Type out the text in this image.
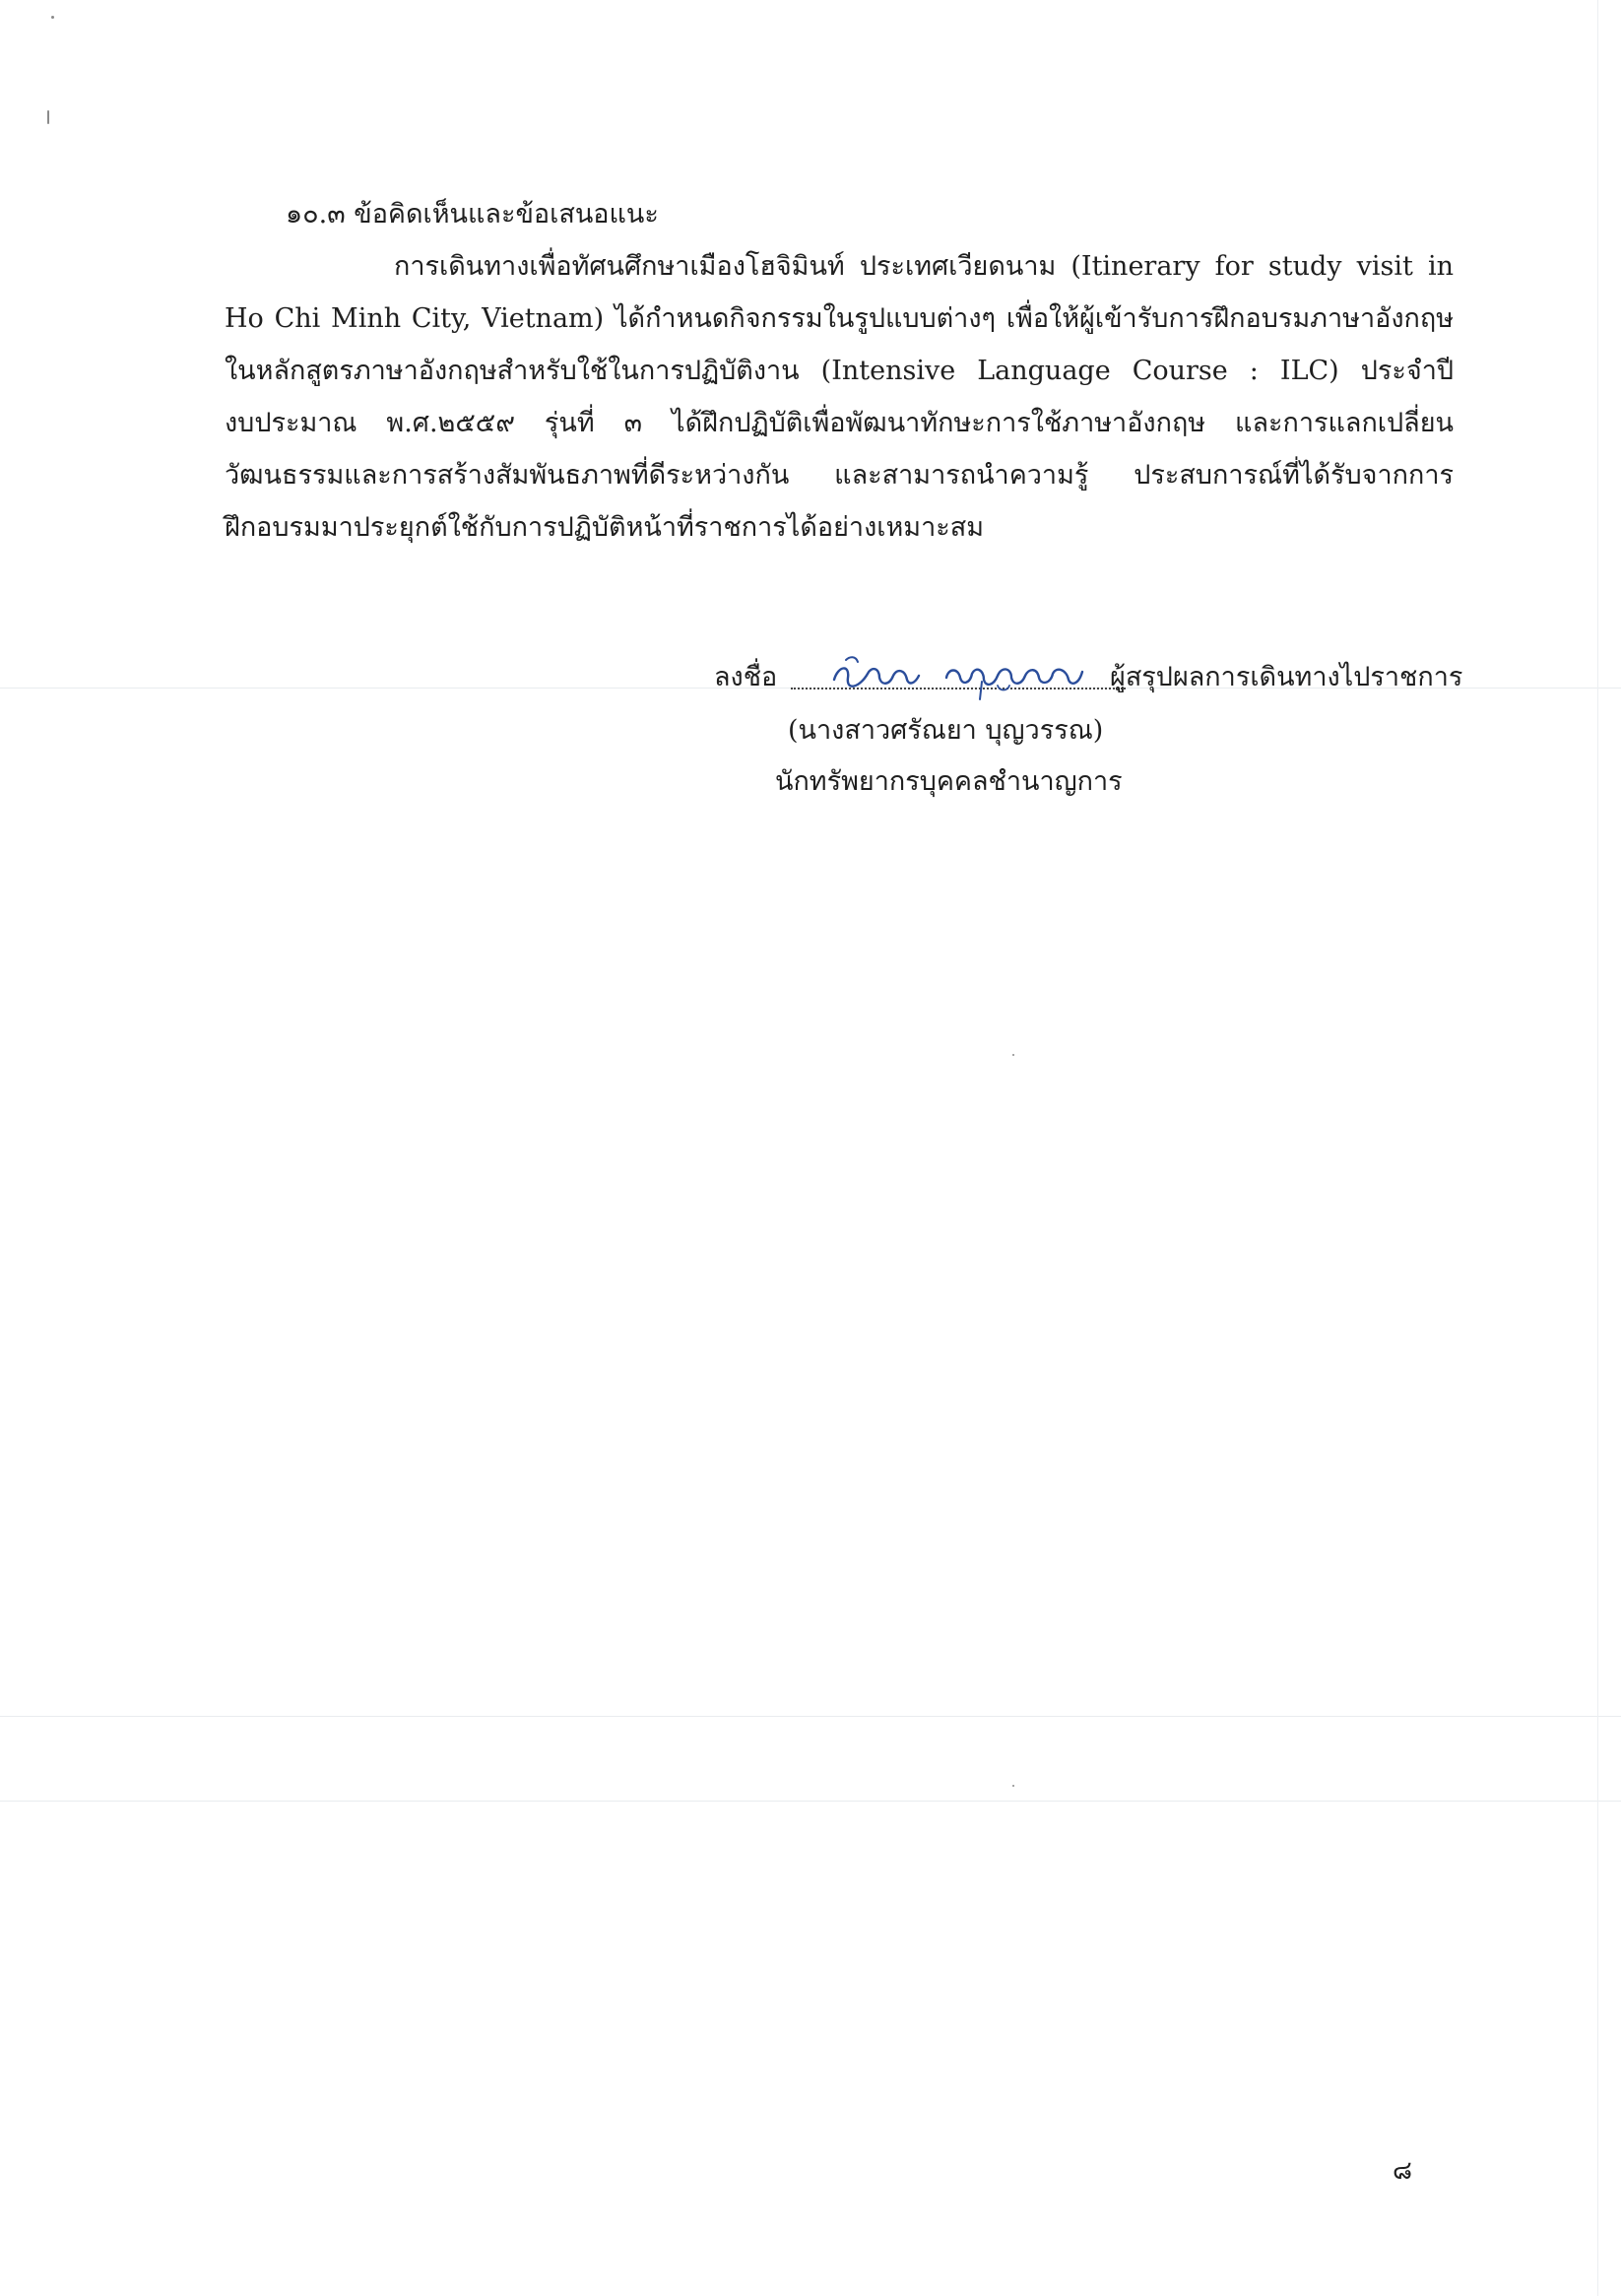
๑๐.๓ ข้อคิดเห็นและข้อเสนอแนะ
การเดินทางเพื่อทัศนศึกษาเมืองโฮจิมินท์ ประเทศเวียดนาม (Itinerary for study visit in
Ho Chi Minh City, Vietnam) ได้กำหนดกิจกรรมในรูปแบบต่างๆ เพื่อให้ผู้เข้ารับการฝึกอบรมภาษาอังกฤษ
ในหลักสูตรภาษาอังกฤษสำหรับใช้ในการปฏิบัติงาน (Intensive Language Course : ILC) ประจำปี
งบประมาณ พ.ศ.๒๕๕๙ รุ่นที่ ๓ ได้ฝึกปฏิบัติเพื่อพัฒนาทักษะการใช้ภาษาอังกฤษ และการแลกเปลี่ยน
วัฒนธรรมและการสร้างสัมพันธภาพที่ดีระหว่างกัน และสามารถนำความรู้ ประสบการณ์ที่ได้รับจากการ
ฝึกอบรมมาประยุกต์ใช้กับการปฏิบัติหน้าที่ราชการได้อย่างเหมาะสม
ลงชื่อ	ผู้สรุปผลการเดินทางไปราชการ
(นางสาวศรัณยา บุญวรรณ)
นักทรัพยากรบุคคลชำนาญการ
๘
